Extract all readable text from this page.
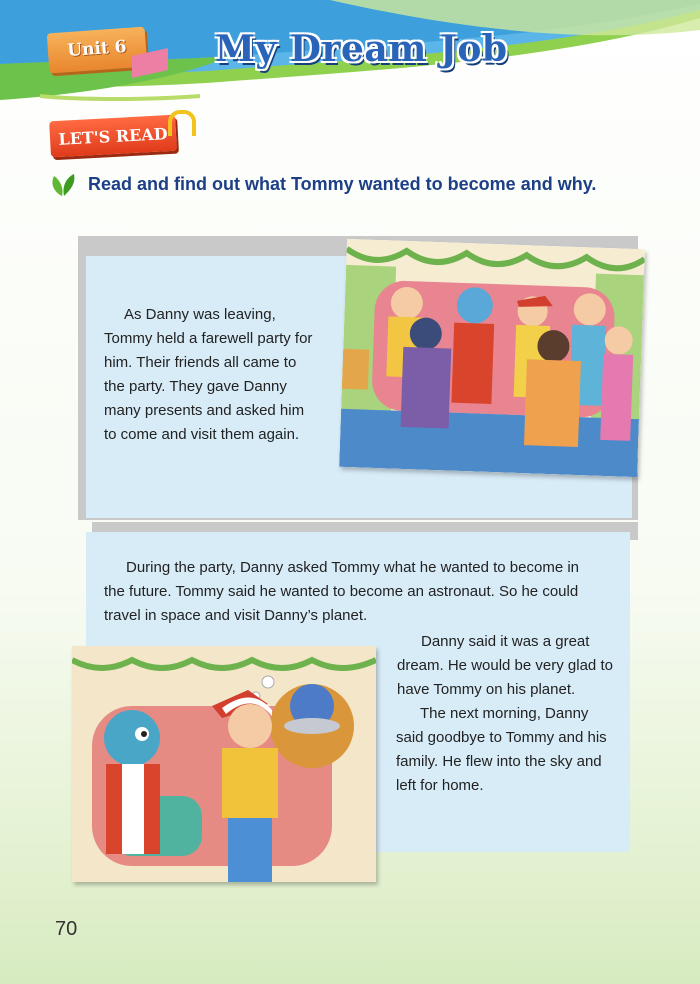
Unit 6	My Dream Job
LET'S READ
Read and find out what Tommy wanted to become and why.
As Danny was leaving, Tommy held a farewell party for him. Their friends all came to the party. They gave Danny many presents and asked him to come and visit them again.
During the party, Danny asked Tommy what he wanted to become in
the future. Tommy said he wanted to become an astronaut. So he could
travel in space and visit Danny’s planet.
Danny said it was a great dream. He would be very glad to have Tommy on his planet.
The next morning, Danny said goodbye to Tommy and his family. He flew into the sky and left for home.
70
